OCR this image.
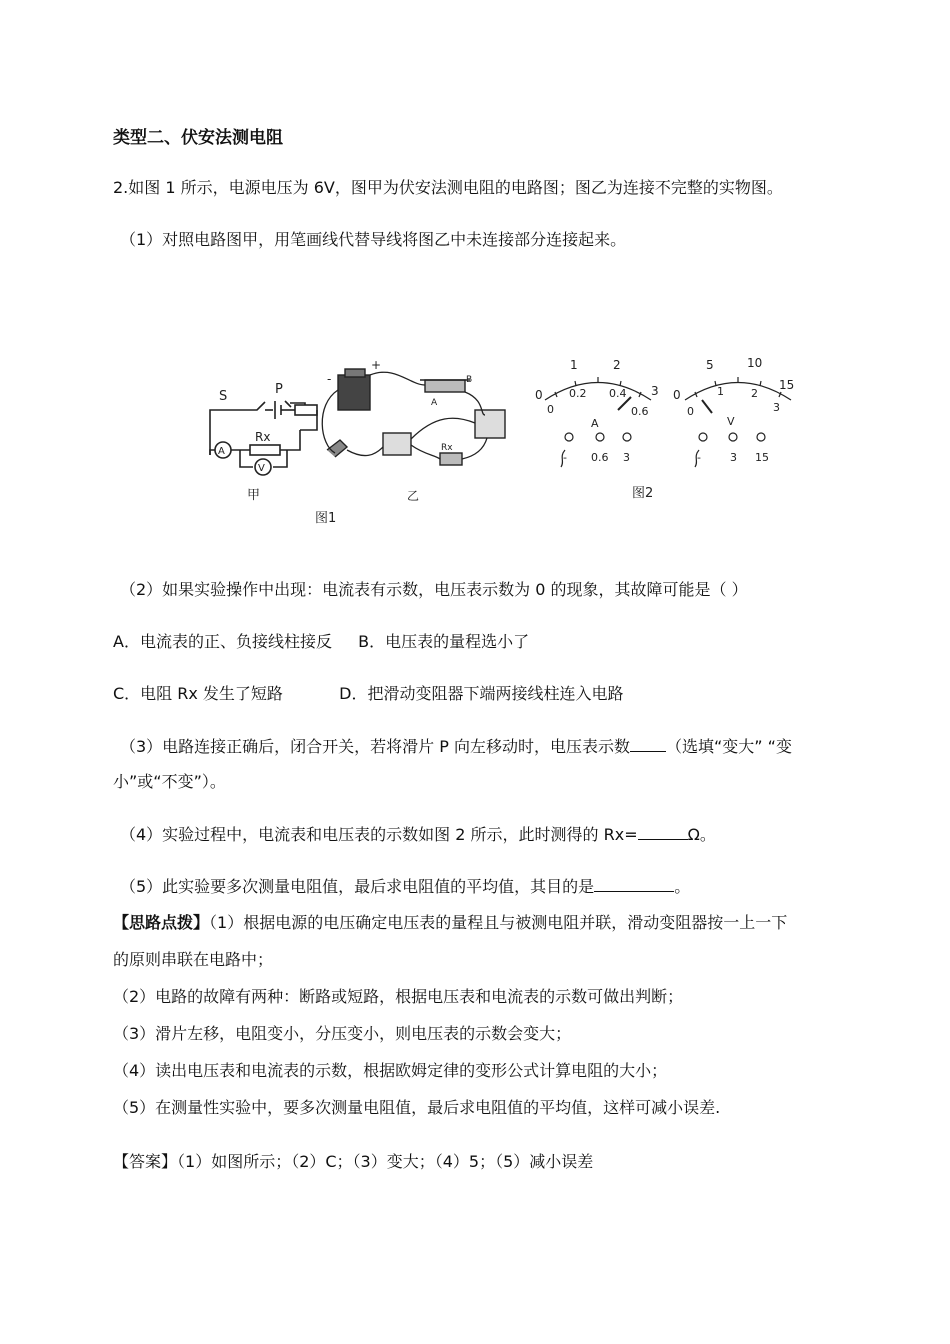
类型二、伏安法测电阻
2.如图 1 所示，电源电压为 6V，图甲为伏安法测电阻的电路图；图乙为连接不完整的实物图。
（1）对照电路图甲，用笔画线代替导线将图乙中未连接部分连接起来。
S	P
Rx
A
V
甲
图1
-
+
B
A
Rx
乙
0
1	2
3
0
0.2 0.4
0.6
A
- 0.6 3
0
5	10
15
0
1 2
3
V
-	3 15
图2
（2）如果实验操作中出现：电流表有示数，电压表示数为 0 的现象，其故障可能是（ ）
A．电流表的正、负接线柱接反 B．电压表的量程选小了
C．电阻 Rx 发生了短路	D．把滑动变阻器下端两接线柱连入电路
（3）电路连接正确后，闭合开关，若将滑片 P 向左移动时，电压表示数 （选填“变大” “变
小”或“不变”）。
（4）实验过程中，电流表和电压表的示数如图 2 所示，此时测得的 Rx=	Ω。
（5）此实验要多次测量电阻值，最后求电阻值的平均值，其目的是	。
【思路点拨】（1）根据电源的电压确定电压表的量程且与被测电阻并联，滑动变阻器按一上一下
的原则串联在电路中；
（2）电路的故障有两种：断路或短路，根据电压表和电流表的示数可做出判断；
（3）滑片左移，电阻变小，分压变小，则电压表的示数会变大；
（4）读出电压表和电流表的示数，根据欧姆定律的变形公式计算电阻的大小；
（5）在测量性实验中，要多次测量电阻值，最后求电阻值的平均值，这样可减小误差.
【答案】（1）如图所示；（2）C；（3）变大；（4）5；（5）减小误差
